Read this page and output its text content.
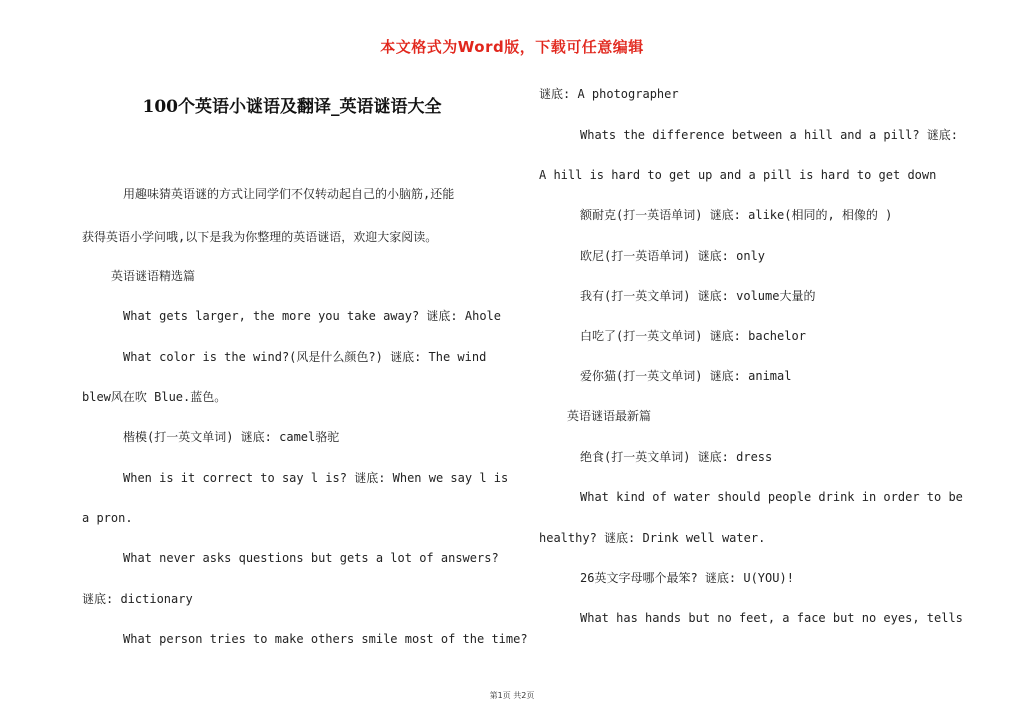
本文格式为Word版，下载可任意编辑
100个英语小谜语及翻译_英语谜语大全
用趣味猜英语谜的方式让同学们不仅转动起自己的小脑筋,还能
获得英语小学问哦,以下是我为你整理的英语谜语，欢迎大家阅读。
英语谜语精选篇
What gets larger, the more you take away? 谜底: Ahole
What color is the wind?(风是什么颜色?) 谜底: The wind
blew风在吹 Blue.蓝色。
楷模(打一英文单词) 谜底: camel骆驼
When is it correct to say l is? 谜底: When we say l is
a pron.
What never asks questions but gets a lot of answers?
谜底: dictionary
What person tries to make others smile most of the time?
谜底: A photographer
Whats the difference between a hill and a pill? 谜底:
A hill is hard to get up and a pill is hard to get down
额耐克(打一英语单词) 谜底: alike(相同的, 相像的 )
欧尼(打一英语单词) 谜底: only
我有(打一英文单词) 谜底: volume大量的
白吃了(打一英文单词) 谜底: bachelor
爱你猫(打一英文单词) 谜底: animal
英语谜语最新篇
绝食(打一英文单词) 谜底: dress
What kind of water should people drink in order to be
healthy? 谜底: Drink well water.
26英文字母哪个最笨? 谜底: U(YOU)!
What has hands but no feet, a face but no eyes, tells
第1页 共2页
